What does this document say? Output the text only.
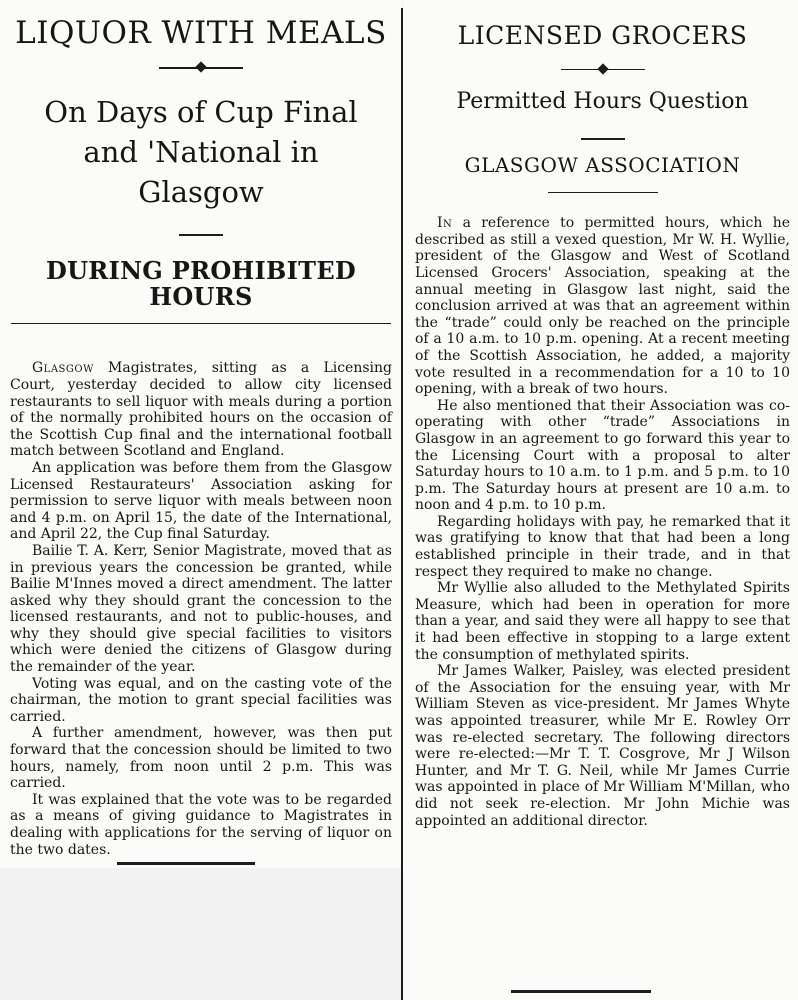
LIQUOR WITH MEALS
On Days of Cup Final and 'National in Glasgow
DURING PROHIBITED HOURS

Glasgow Magistrates, sitting as a Licensing Court, yesterday decided to allow city licensed restaurants to sell liquor with meals during a portion of the normally prohibited hours on the occasion of the Scottish Cup final and the international football match between Scotland and England.

An application was before them from the Glasgow Licensed Restaurateurs' Association asking for permission to serve liquor with meals between noon and 4 p.m. on April 15, the date of the International, and April 22, the Cup final Saturday.

Bailie T. A. Kerr, Senior Magistrate, moved that as in previous years the concession be granted, while Bailie M'Innes moved a direct amendment. The latter asked why they should grant the concession to the licensed restaurants, and not to public-houses, and why they should give special facilities to visitors which were denied the citizens of Glasgow during the remainder of the year.

Voting was equal, and on the casting vote of the chairman, the motion to grant special facilities was carried.

A further amendment, however, was then put forward that the concession should be limited to two hours, namely, from noon until 2 p.m. This was carried.

It was explained that the vote was to be regarded as a means of giving guidance to Magistrates in dealing with applications for the serving of liquor on the two dates.

LICENSED GROCERS
Permitted Hours Question
GLASGOW ASSOCIATION

In a reference to permitted hours, which he described as still a vexed question, Mr W. H. Wyllie, president of the Glasgow and West of Scotland Licensed Grocers' Association, speaking at the annual meeting in Glasgow last night, said the conclusion arrived at was that an agreement within the “trade” could only be reached on the principle of a 10 a.m. to 10 p.m. opening. At a recent meeting of the Scottish Association, he added, a majority vote resulted in a recommendation for a 10 to 10 opening, with a break of two hours.

He also mentioned that their Association was co-operating with other “trade” Associations in Glasgow in an agreement to go forward this year to the Licensing Court with a proposal to alter Saturday hours to 10 a.m. to 1 p.m. and 5 p.m. to 10 p.m. The Saturday hours at present are 10 a.m. to noon and 4 p.m. to 10 p.m.

Regarding holidays with pay, he remarked that it was gratifying to know that that had been a long established principle in their trade, and in that respect they required to make no change.

Mr Wyllie also alluded to the Methylated Spirits Measure, which had been in operation for more than a year, and said they were all happy to see that it had been effective in stopping to a large extent the consumption of methylated spirits.

Mr James Walker, Paisley, was elected president of the Association for the ensuing year, with Mr William Steven as vice-president. Mr James Whyte was appointed treasurer, while Mr E. Rowley Orr was re-elected secretary. The following directors were re-elected:—Mr T. T. Cosgrove, Mr J Wilson Hunter, and Mr T. G. Neil, while Mr James Currie was appointed in place of Mr William M'Millan, who did not seek re-election. Mr John Michie was appointed an additional director.
